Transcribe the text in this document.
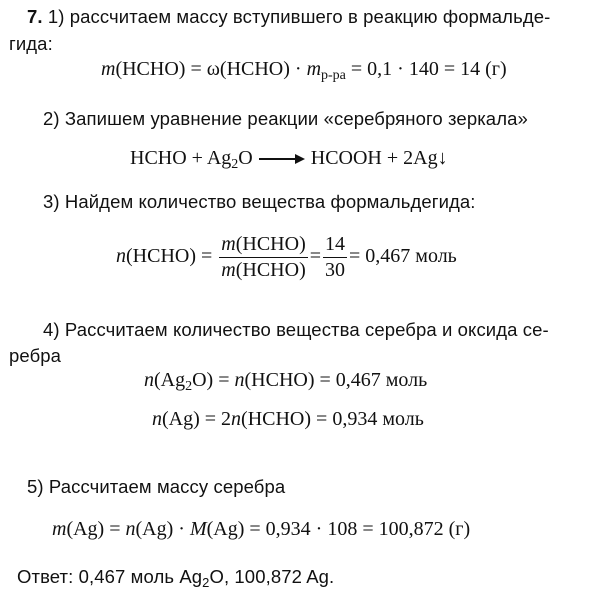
7. 1) рассчитаем массу вступившего в реакцию формальде-
гида:
m(HCHO) = ω(HCHO) · $m_{р-ра} = 0,1 \cdot 140 = 14$ (г)
2) Запишем уравнение реакции «серебряного зеркала»
HCHO + $Ag_2O$	HCOOH + 2Ag↓
3) Найдем количество вещества формальдегида:
n(HCHO) = $\frac{\text{m(HCHO)}}{\text{m(HCHO)}} = \frac{14}{30} = 0,467$ моль
4) Рассчитаем количество вещества серебра и оксида се-
ребра
$n(Ag_2O)$ = n(HCHO) = 0,467 моль
n(Ag) = 2n(HCHO) = 0,934 моль
5) Рассчитаем массу серебра
m(Ag) = n(Ag) · M(Ag) = 0,934 · 108 = 100,872 (г)
Ответ: 0,467 моль $Ag_2O$, 100,872 Ag.
